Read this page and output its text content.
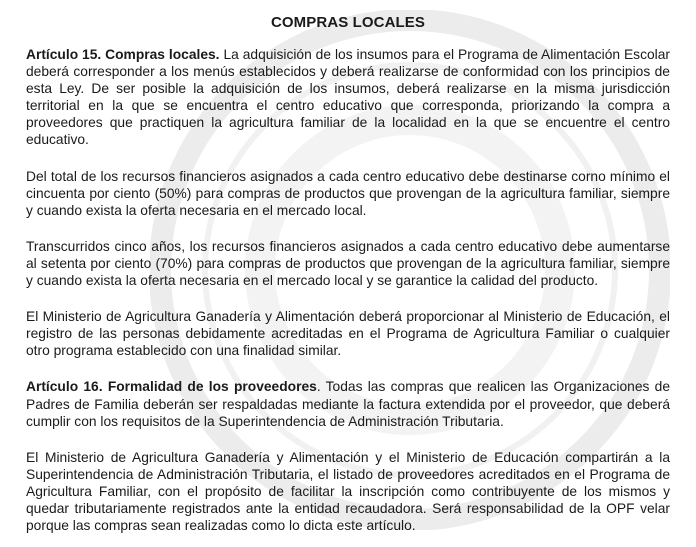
COMPRAS LOCALES

Artículo 15. Compras locales. La adquisición de los insumos para el Programa de Alimentación Escolar deberá corresponder a los menús establecidos y deberá realizarse de conformidad con los principios de esta Ley. De ser posible la adquisición de los insumos, deberá realizarse en la misma jurisdicción territorial en la que se encuentra el centro educativo que corresponda, priorizando la compra a proveedores que practiquen la agricultura familiar de la localidad en la que se encuentre el centro educativo.

Del total de los recursos financieros asignados a cada centro educativo debe destinarse corno mínimo el cincuenta por ciento (50%) para compras de productos que provengan de la agricultura familiar, siempre y cuando exista la oferta necesaria en el mercado local.

Transcurridos cinco años, los recursos financieros asignados a cada centro educativo debe aumentarse al setenta por ciento (70%) para compras de productos que provengan de la agricultura familiar, siempre y cuando exista la oferta necesaria en el mercado local y se garantice la calidad del producto.

El Ministerio de Agricultura Ganadería y Alimentación deberá proporcionar al Ministerio de Educación, el registro de las personas debidamente acreditadas en el Programa de Agricultura Familiar o cualquier otro programa establecido con una finalidad similar.

Artículo 16. Formalidad de los proveedores. Todas las compras que realicen las Organizaciones de Padres de Familia deberán ser respaldadas mediante la factura extendida por el proveedor, que deberá cumplir con los requisitos de la Superintendencia de Administración Tributaria.

El Ministerio de Agricultura Ganadería y Alimentación y el Ministerio de Educación compartirán a la Superintendencia de Administración Tributaria, el listado de proveedores acreditados en el Programa de Agricultura Familiar, con el propósito de facilitar la inscripción como contribuyente de los mismos y quedar tributariamente registrados ante la entidad recaudadora. Será responsabilidad de la OPF velar porque las compras sean realizadas como lo dicta este artículo.
